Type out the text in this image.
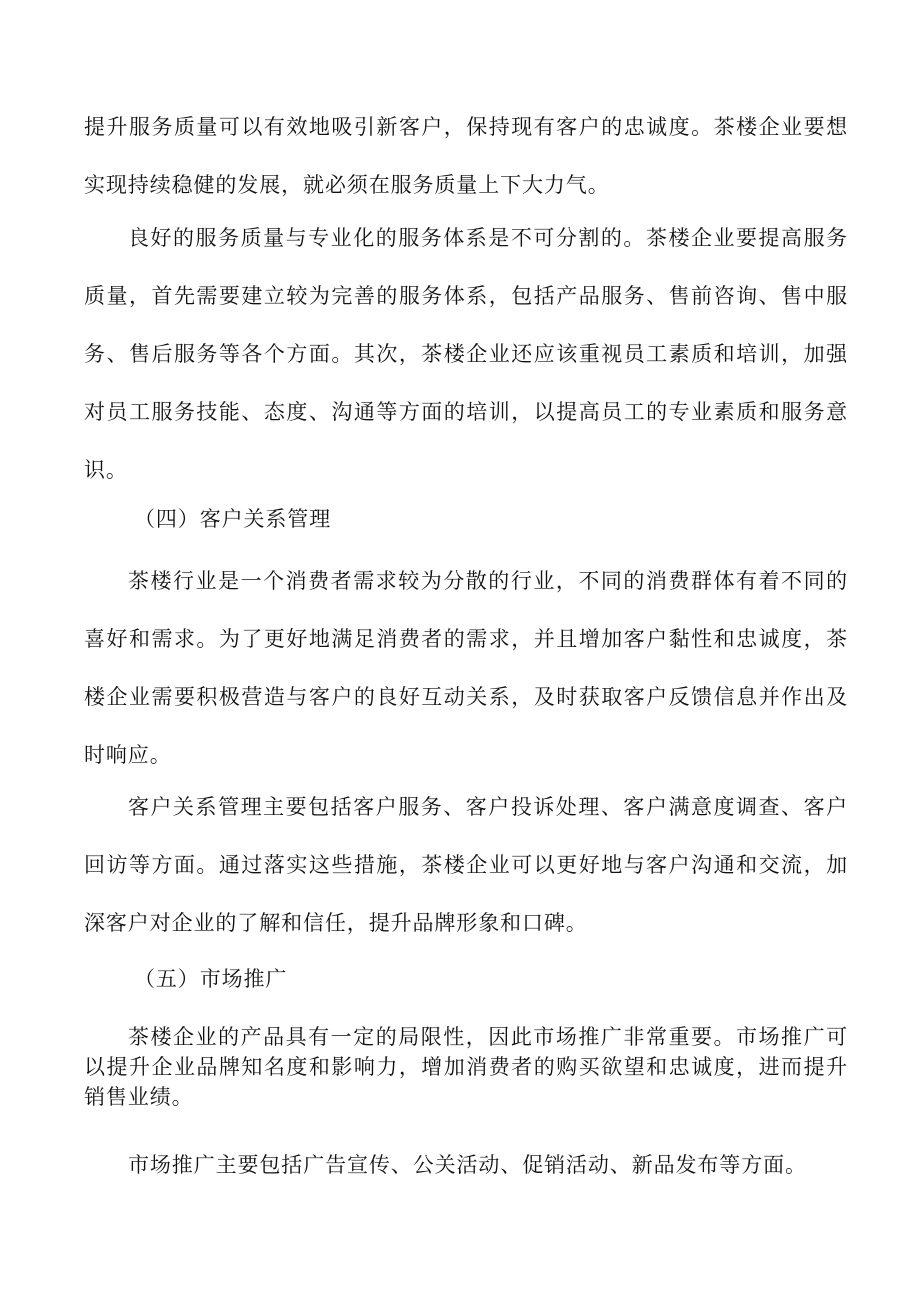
提升服务质量可以有效地吸引新客户，保持现有客户的忠诚度。茶楼企业要想实现持续稳健的发展，就必须在服务质量上下大力气。

良好的服务质量与专业化的服务体系是不可分割的。茶楼企业要提高服务质量，首先需要建立较为完善的服务体系，包括产品服务、售前咨询、售中服务、售后服务等各个方面。其次，茶楼企业还应该重视员工素质和培训，加强对员工服务技能、态度、沟通等方面的培训，以提高员工的专业素质和服务意识。

（四）客户关系管理

茶楼行业是一个消费者需求较为分散的行业，不同的消费群体有着不同的喜好和需求。为了更好地满足消费者的需求，并且增加客户黏性和忠诚度，茶楼企业需要积极营造与客户的良好互动关系，及时获取客户反馈信息并作出及时响应。

客户关系管理主要包括客户服务、客户投诉处理、客户满意度调查、客户回访等方面。通过落实这些措施，茶楼企业可以更好地与客户沟通和交流，加深客户对企业的了解和信任，提升品牌形象和口碑。

（五）市场推广

茶楼企业的产品具有一定的局限性，因此市场推广非常重要。市场推广可以提升企业品牌知名度和影响力，增加消费者的购买欲望和忠诚度，进而提升销售业绩。

市场推广主要包括广告宣传、公关活动、促销活动、新品发布等方面。
